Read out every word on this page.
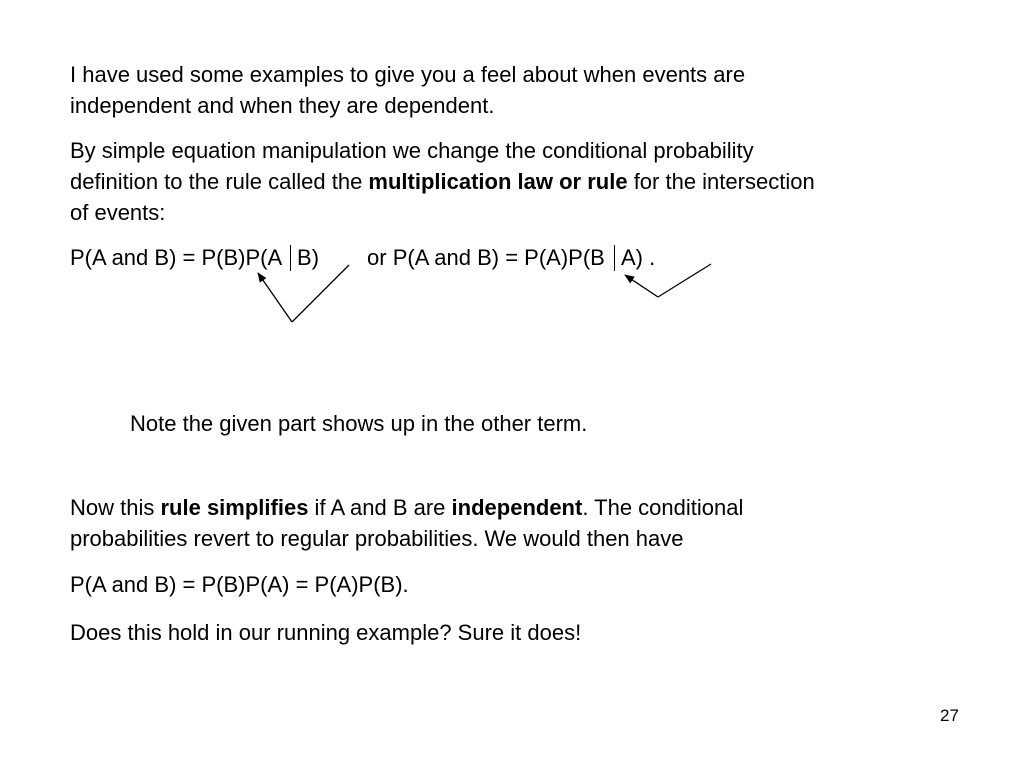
I have used some examples to give you a feel about when events are
independent and when they are dependent.

By simple equation manipulation we change the conditional probability
definition to the rule called the multiplication law or rule for the intersection
of events:

P(A and B) = P(B)P(A B) or P(A and B) = P(A)P(B A) .

Note the given part shows up in the other term.

Now this rule simplifies if A and B are independent. The conditional
probabilities revert to regular probabilities. We would then have

P(A and B) = P(B)P(A) = P(A)P(B).

Does this hold in our running example? Sure it does!

27
